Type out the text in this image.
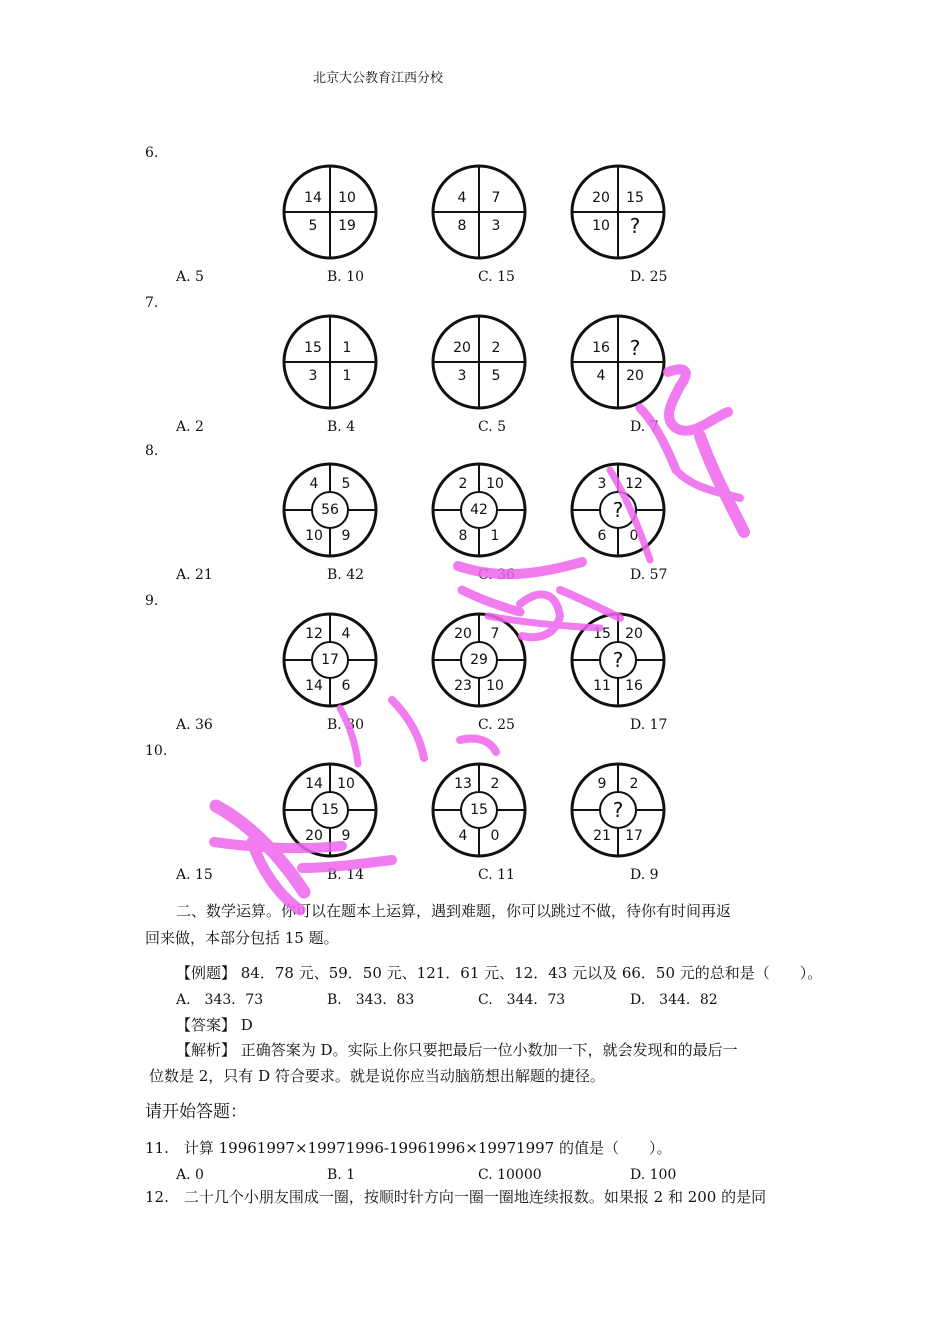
北京大公教育江西分校
6.
14 10
5 19
4 7
8 3
20 15
10 ?
A. 5	B. 10	C. 15	D. 25
7.
15 1
3 1
20 2
3 5
16 ?
4 20
A. 2	B. 4	C. 5	D. 7
8.
4 5
10 9
56
2 10
8 1
42
3 12
6 0
?
A. 21	B. 42	C. 36	D. 57
9.
12 4
14 6
17
20 7
23 10
29
15 20
11 16
?
A. 36	B. 30	C. 25	D. 17
10.
14 10
20 9
15
13 2
4 0
15
9 2
21 17
?
A. 15	B. 14	C. 11	D. 9
二、数学运算。你可以在题本上运算，遇到难题，你可以跳过不做，待你有时间再返
回来做，本部分包括 15 题。
【例题】 84．78 元、59．50 元、121．61 元、12．43 元以及 66．50 元的总和是（　　）。
A.　343．73	B.　343．83	C.　344．73	D.　344．82
【答案】 D
【解析】 正确答案为 D。实际上你只要把最后一位小数加一下，就会发现和的最后一
位数是 2，只有 D 符合要求。就是说你应当动脑筋想出解题的捷径。
请开始答题：
11.　计算 19961997×19971996-19961996×19971997 的值是（　　）。
A. 0	B. 1	C. 10000	D. 100
12.　二十几个小朋友围成一圈，按顺时针方向一圈一圈地连续报数。如果报 2 和 200 的是同
